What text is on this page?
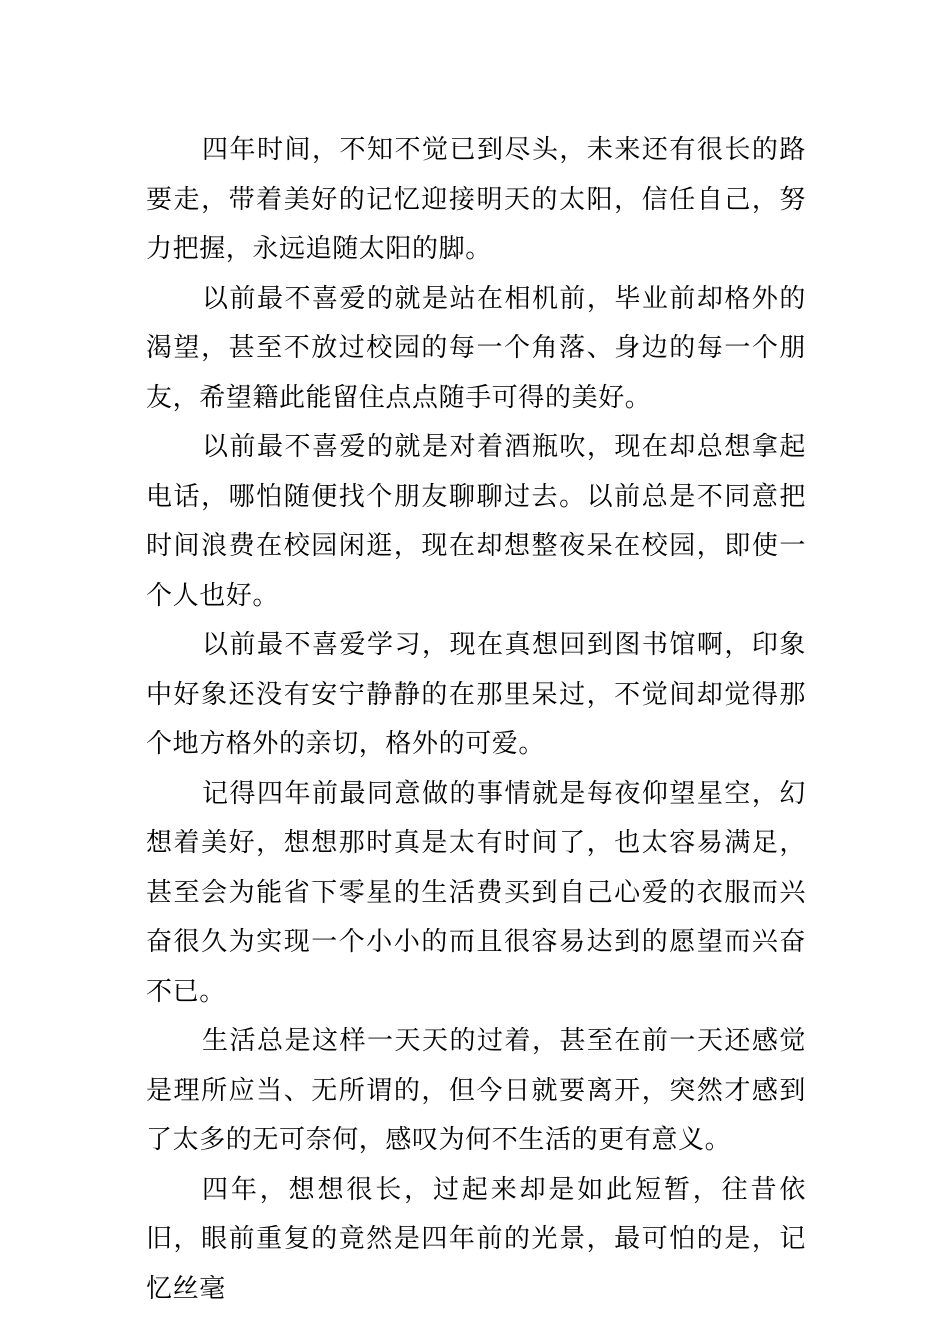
四年时间，不知不觉已到尽头，未来还有很长的路要走，带着美好的记忆迎接明天的太阳，信任自己，努力把握，永远追随太阳的脚。

以前最不喜爱的就是站在相机前，毕业前却格外的渴望，甚至不放过校园的每一个角落、身边的每一个朋友，希望籍此能留住点点随手可得的美好。

以前最不喜爱的就是对着酒瓶吹，现在却总想拿起电话，哪怕随便找个朋友聊聊过去。以前总是不同意把时间浪费在校园闲逛，现在却想整夜呆在校园，即使一个人也好。

以前最不喜爱学习，现在真想回到图书馆啊，印象中好象还没有安宁静静的在那里呆过，不觉间却觉得那个地方格外的亲切，格外的可爱。

记得四年前最同意做的事情就是每夜仰望星空，幻想着美好，想想那时真是太有时间了，也太容易满足，甚至会为能省下零星的生活费买到自己心爱的衣服而兴奋很久为实现一个小小的而且很容易达到的愿望而兴奋不已。

生活总是这样一天天的过着，甚至在前一天还感觉是理所应当、无所谓的，但今日就要离开，突然才感到了太多的无可奈何，感叹为何不生活的更有意义。

四年，想想很长，过起来却是如此短暂，往昔依旧，眼前重复的竟然是四年前的光景，最可怕的是，记忆丝毫
